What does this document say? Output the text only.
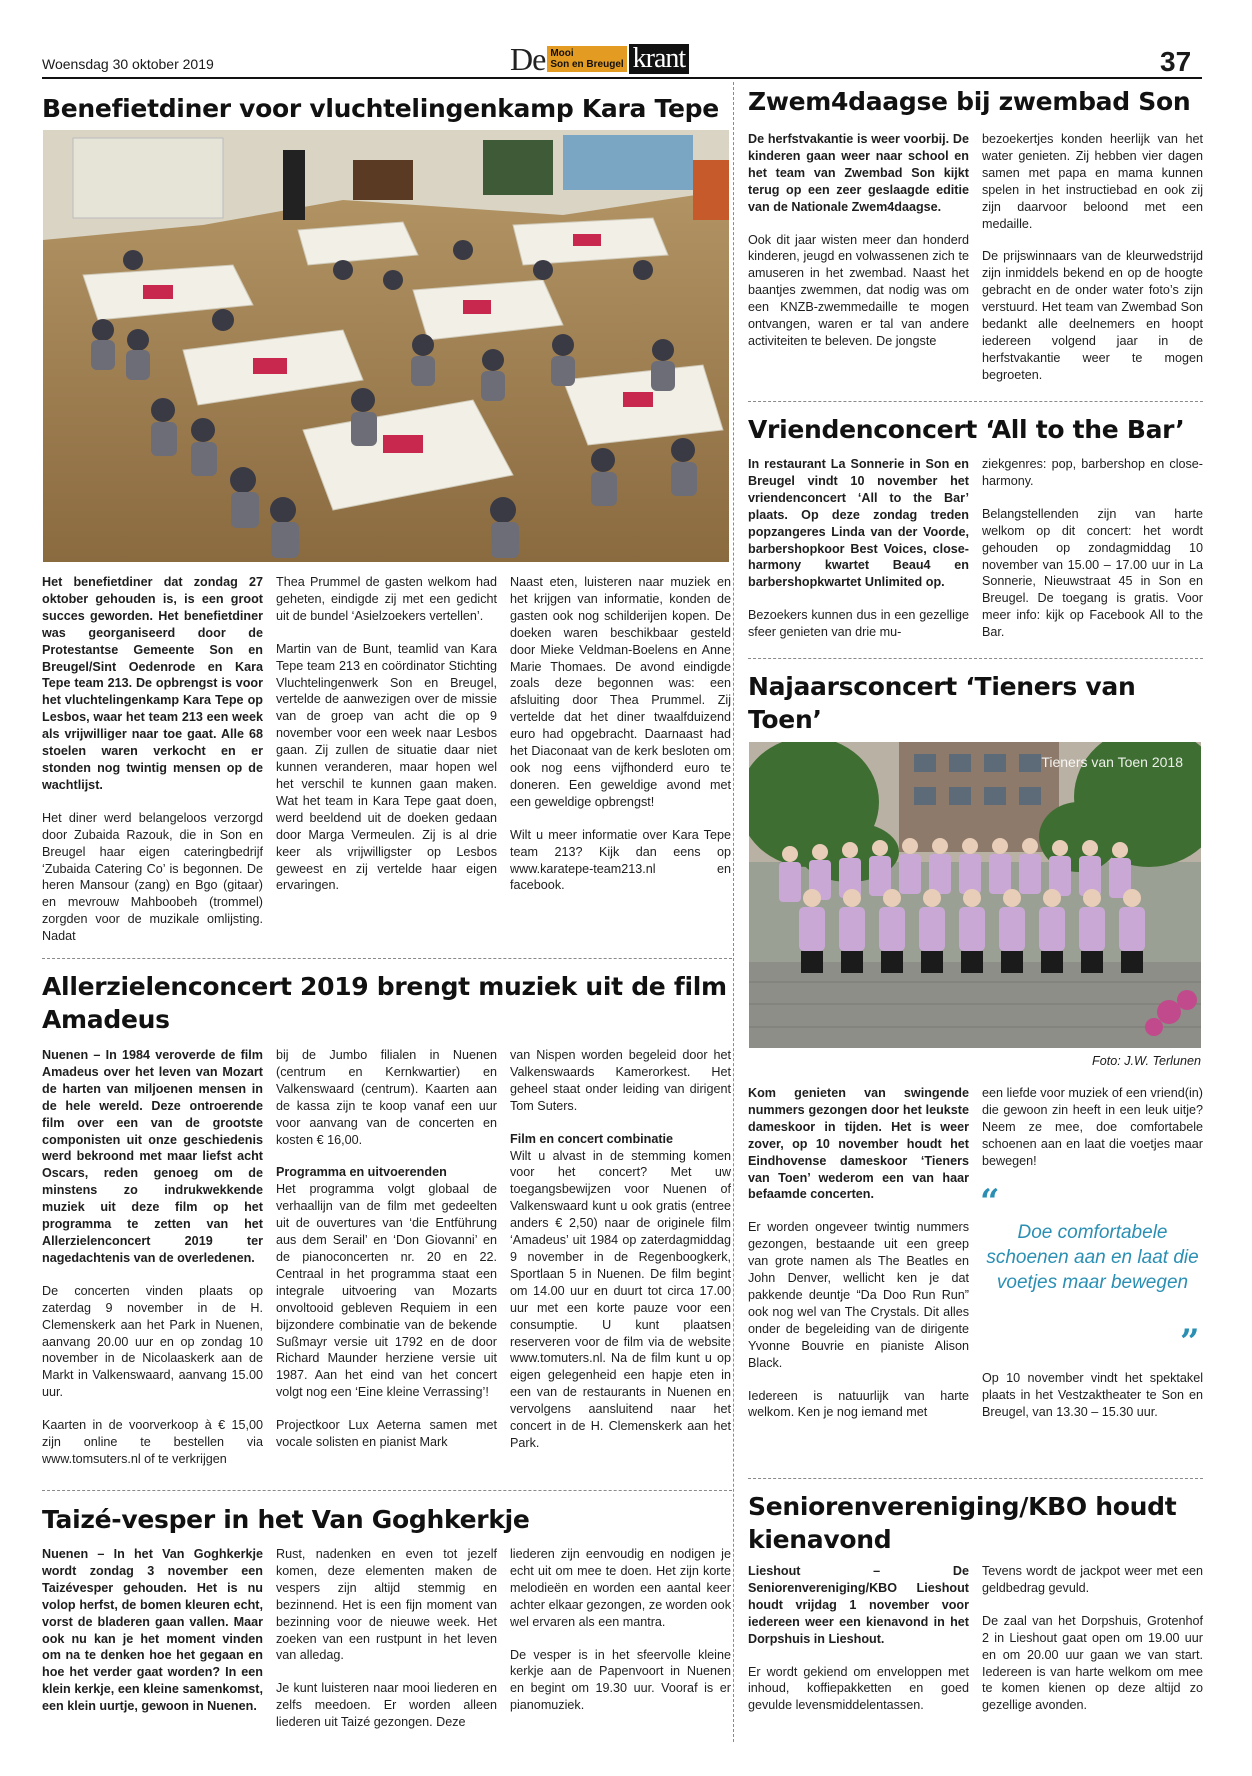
Woensdag 30 oktober 2019	De Mooi
Son en Breugel krant	37
Benefietdiner voor vluchtelingenkamp Kara Tepe

Het benefietdiner dat zondag 27 oktober gehouden is, is een groot succes geworden. Het benefietdiner was georganiseerd door de Protestantse Gemeente Son en Breugel/Sint Oedenrode en Kara Tepe team 213. De opbrengst is voor het vluchtelingenkamp Kara Tepe op Lesbos, waar het team 213 een week als vrijwilliger naar toe gaat. Alle 68 stoelen waren verkocht en er stonden nog twintig mensen op de wachtlijst.

Het diner werd belangeloos verzorgd door Zubaida Razouk, die in Son en Breugel haar eigen cateringbedrijf ‘Zubaida Catering Co’ is begonnen. De heren Mansour (zang) en Bgo (gitaar) en mevrouw Mahboobeh (trommel) zorgden voor de muzikale omlijsting. Nadat

Thea Prummel de gasten welkom had geheten, eindigde zij met een gedicht uit de bundel ‘Asielzoekers vertellen’.

Martin van de Bunt, teamlid van Kara Tepe team 213 en coördinator Stichting Vluchtelingenwerk Son en Breugel, vertelde de aanwezigen over de missie van de groep van acht die op 9 november voor een week naar Lesbos gaan. Zij zullen de situatie daar niet kunnen veranderen, maar hopen wel het verschil te kunnen gaan maken. Wat het team in Kara Tepe gaat doen, werd beeldend uit de doeken gedaan door Marga Vermeulen. Zij is al drie keer als vrijwilligster op Lesbos geweest en zij vertelde haar eigen ervaringen.

Naast eten, luisteren naar muziek en het krijgen van informatie, konden de gasten ook nog schilderijen kopen. De doeken waren beschikbaar gesteld door Mieke Veldman-Boelens en Anne Marie Thomaes. De avond eindigde zoals deze begonnen was: een afsluiting door Thea Prummel. Zij vertelde dat het diner twaalfduizend euro had opgebracht. Daarnaast had het Diaconaat van de kerk besloten om ook nog eens vijfhonderd euro te doneren. Een geweldige avond met een geweldige opbrengst!

Wilt u meer informatie over Kara Tepe team 213? Kijk dan eens op www.karatepe-team213.nl en facebook.

Allerzielenconcert 2019 brengt muziek uit de film Amadeus

Nuenen – In 1984 veroverde de film Amadeus over het leven van Mozart de harten van miljoenen mensen in de hele wereld. Deze ontroerende film over een van de grootste componisten uit onze geschiedenis werd bekroond met maar liefst acht Oscars, reden genoeg om de minstens zo indrukwekkende muziek uit deze film op het programma te zetten van het Allerzielenconcert 2019 ter nagedachtenis van de overledenen.

De concerten vinden plaats op zaterdag 9 november in de H. Clemenskerk aan het Park in Nuenen, aanvang 20.00 uur en op zondag 10 november in de Nicolaaskerk aan de Markt in Valkenswaard, aanvang 15.00 uur.

Kaarten in de voorverkoop à € 15,00 zijn online te bestellen via www.tomsuters.nl of te verkrijgen

bij de Jumbo filialen in Nuenen (centrum en Kernkwartier) en Valkenswaard (centrum). Kaarten aan de kassa zijn te koop vanaf een uur voor aanvang van de concerten en kosten € 16,00.

Programma en uitvoerenden

Het programma volgt globaal de verhaallijn van de film met gedeelten uit de ouvertures van ‘die Entführung aus dem Serail’ en ‘Don Giovanni’ en de pianoconcerten nr. 20 en 22. Centraal in het programma staat een integrale uitvoering van Mozarts onvoltooid gebleven Requiem in een bijzondere combinatie van de bekende Sußmayr versie uit 1792 en de door Richard Maunder herziene versie uit 1987. Aan het eind van het concert volgt nog een ‘Eine kleine Verrassing’!

Projectkoor Lux Aeterna samen met vocale solisten en pianist Mark

van Nispen worden begeleid door het Valkenswaards Kamerorkest. Het geheel staat onder leiding van dirigent Tom Suters.

Film en concert combinatie

Wilt u alvast in de stemming komen voor het concert? Met uw toegangsbewijzen voor Nuenen of Valkenswaard kunt u ook gratis (entree anders € 2,50) naar de originele film ‘Amadeus’ uit 1984 op zaterdagmiddag 9 november in de Regenboogkerk, Sportlaan 5 in Nuenen. De film begint om 14.00 uur en duurt tot circa 17.00 uur met een korte pauze voor een consumptie. U kunt plaatsen reserveren voor de film via de website www.tomuters.nl. Na de film kunt u op eigen gelegenheid een hapje eten in een van de restaurants in Nuenen en vervolgens aansluitend naar het concert in de H. Clemenskerk aan het Park.

Taizé-vesper in het Van Goghkerkje

Nuenen – In het Van Goghkerkje wordt zondag 3 november een Taizévesper gehouden. Het is nu volop herfst, de bomen kleuren echt, vorst de bladeren gaan vallen. Maar ook nu kan je het moment vinden om na te denken hoe het gegaan en hoe het verder gaat worden? In een klein kerkje, een kleine samenkomst, een klein uurtje, gewoon in Nuenen.

Rust, nadenken en even tot jezelf komen, deze elementen maken de vespers zijn altijd stemmig en bezinnend. Het is een fijn moment van bezinning voor de nieuwe week. Het zoeken van een rustpunt in het leven van alledag.

Je kunt luisteren naar mooi liederen en zelfs meedoen. Er worden alleen liederen uit Taizé gezongen. Deze

liederen zijn eenvoudig en nodigen je echt uit om mee te doen. Het zijn korte melodieën en worden een aantal keer achter elkaar gezongen, ze worden ook wel ervaren als een mantra.

De vesper is in het sfeervolle kleine kerkje aan de Papenvoort in Nuenen en begint om 19.30 uur. Vooraf is er pianomuziek.

Zwem4daagse bij zwembad Son

De herfstvakantie is weer voorbij. De kinderen gaan weer naar school en het team van Zwembad Son kijkt terug op een zeer geslaagde editie van de Nationale Zwem4daagse.

Ook dit jaar wisten meer dan honderd kinderen, jeugd en volwassenen zich te amuseren in het zwembad. Naast het baantjes zwemmen, dat nodig was om een KNZB-zwemmedaille te mogen ontvangen, waren er tal van andere activiteiten te beleven. De jongste

bezoekertjes konden heerlijk van het water genieten. Zij hebben vier dagen samen met papa en mama kunnen spelen in het instructiebad en ook zij zijn daarvoor beloond met een medaille.

De prijswinnaars van de kleurwedstrijd zijn inmiddels bekend en op de hoogte gebracht en de onder water foto’s zijn verstuurd. Het team van Zwembad Son bedankt alle deelnemers en hoopt iedereen volgend jaar in de herfstvakantie weer te mogen begroeten.

Vriendenconcert ‘All to the Bar’

In restaurant La Sonnerie in Son en Breugel vindt 10 november het vriendenconcert ‘All to the Bar’ plaats. Op deze zondag treden popzangeres Linda van der Voorde, barbershopkoor Best Voices, close-harmony kwartet Beau4 en barbershopkwartet Unlimited op.

Bezoekers kunnen dus in een gezellige sfeer genieten van drie mu-

ziekgenres: pop, barbershop en close-harmony.

Belangstellenden zijn van harte welkom op dit concert: het wordt gehouden op zondagmiddag 10 november van 15.00 – 17.00 uur in La Sonnerie, Nieuwstraat 45 in Son en Breugel. De toegang is gratis. Voor meer info: kijk op Facebook All to the Bar.

Najaarsconcert ‘Tieners van Toen’
Tieners van Toen 2018
Foto: J.W. Terlunen

Kom genieten van swingende nummers gezongen door het leukste dameskoor in tijden. Het is weer zover, op 10 november houdt het Eindhovense dameskoor ‘Tieners van Toen’ wederom een van haar befaamde concerten.

Er worden ongeveer twintig nummers gezongen, bestaande uit een greep van grote namen als The Beatles en John Denver, wellicht ken je dat pakkende deuntje “Da Doo Run Run” ook nog wel van The Crystals. Dit alles onder de begeleiding van de dirigente Yvonne Bouvrie en pianiste Alison Black.

Iedereen is natuurlijk van harte welkom. Ken je nog iemand met

een liefde voor muziek of een vriend(in) die gewoon zin heeft in een leuk uitje? Neem ze mee, doe comfortabele schoenen aan en laat die voetjes maar bewegen!

“
Doe comfortabele schoenen aan en laat die voetjes maar bewegen
”

Op 10 november vindt het spektakel plaats in het Vestzaktheater te Son en Breugel, van 13.30 – 15.30 uur.

Seniorenvereniging/KBO houdt kienavond

Lieshout – De Seniorenvereniging/KBO Lieshout houdt vrijdag 1 november voor iedereen weer een kienavond in het Dorpshuis in Lieshout.

Er wordt gekiend om enveloppen met inhoud, koffiepakketten en goed gevulde levensmiddelentassen.

Tevens wordt de jackpot weer met een geldbedrag gevuld.

De zaal van het Dorpshuis, Grotenhof 2 in Lieshout gaat open om 19.00 uur en om 20.00 uur gaan we van start. Iedereen is van harte welkom om mee te komen kienen op deze altijd zo gezellige avonden.
